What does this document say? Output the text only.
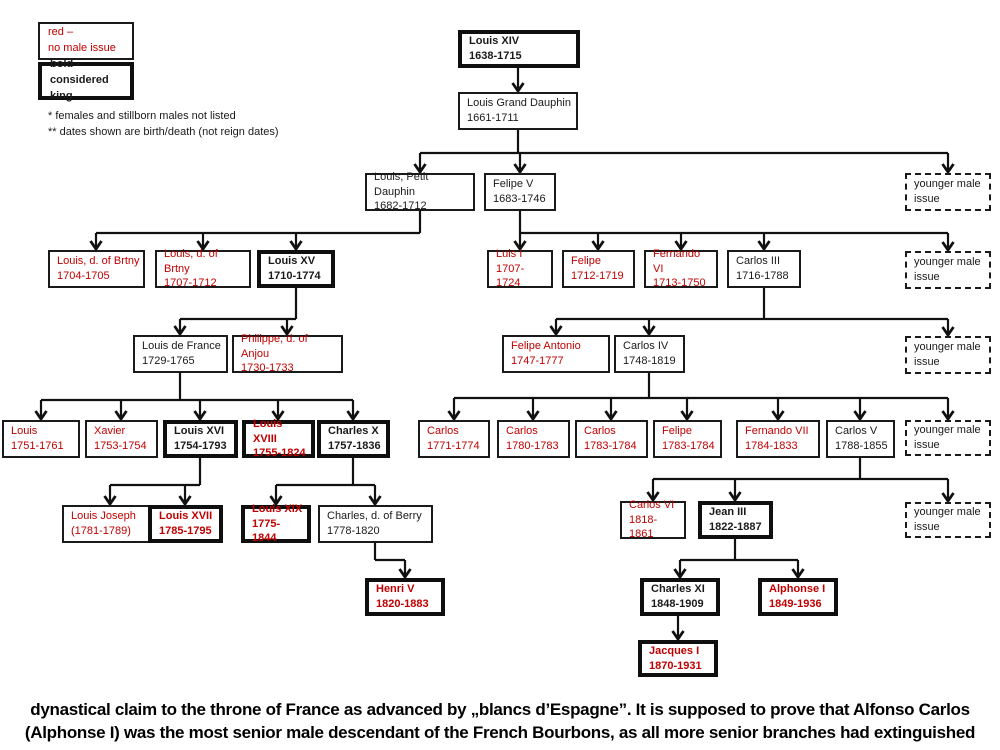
red –
no male issue
bold –
considered king
* females and stillborn males not listed
** dates shown are birth/death (not reign dates)
Louis XIV
1638-1715
Louis Grand Dauphin
1661-1711
Louis, Petit Dauphin
1682-1712
Felipe V
1683-1746
younger male issue
Louis, d. of Brtny
1704-1705
Louis, d. of Brtny
1707-1712
Louis XV
1710-1774
Luis I
1707-1724
Felipe
1712-1719
Fernando VI
1713-1750
Carlos III
1716-1788
younger male issue
Louis de France
1729-1765
Philippe, d. of Anjou
1730-1733
Felipe Antonio
1747-1777
Carlos IV
1748-1819
younger male issue
Louis
1751-1761
Xavier
1753-1754
Louis XVI
1754-1793
Louis XVIII
1755-1824
Charles X
1757-1836
Carlos
1771-1774
Carlos
1780-1783
Carlos
1783-1784
Felipe
1783-1784
Fernando VII
1784-1833
Carlos V
1788-1855
younger male issue
Louis Joseph
(1781-1789)
Louis XVII
1785-1795
Louis XIX
1775-1844
Charles, d. of Berry
1778-1820
Carlos VI
1818-1861
Jean III
1822-1887
younger male issue
Henri V
1820-1883
Charles XI
1848-1909
Alphonse I
1849-1936
Jacques I
1870-1931
dynastical claim to the throne of France as advanced by „blancs d’Espagne”. It is supposed to prove that Alfonso Carlos
(Alphonse I) was the most senior male descendant of the French Bourbons, as all more senior branches had extinguished
